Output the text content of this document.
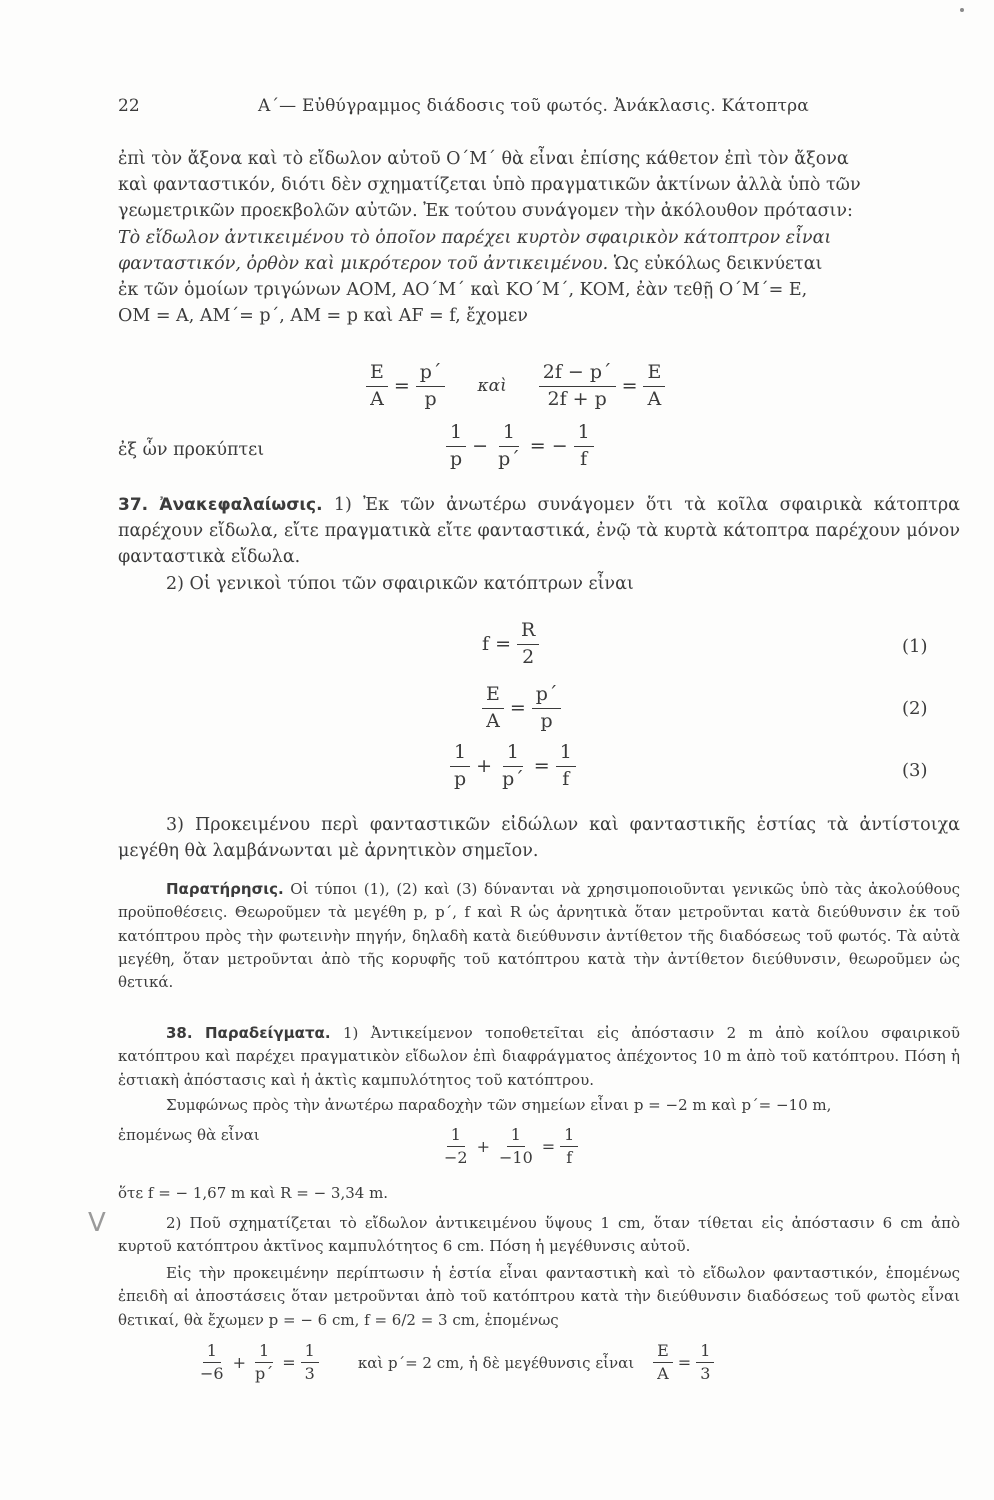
22	A΄— Εὐθύγραμμος διάδοσις τοῦ φωτός. Ἀνάκλασις. Κάτοπτρα
ἐπὶ τὸν ἄξονα καὶ τὸ εἴδωλον αὐτοῦ O΄M΄ θὰ εἶναι ἐπίσης κάθετον ἐπὶ τὸν ἄξονα
καὶ φανταστικόν, διότι δὲν σχηματίζεται ὑπὸ πραγματικῶν ἀκτίνων ἀλλὰ ὑπὸ τῶν
γεωμετρικῶν προεκβολῶν αὐτῶν. Ἐκ τούτου συνάγομεν τὴν ἀκόλουθον πρότασιν:
Τὸ εἴδωλον ἀντικειμένου τὸ ὁποῖον παρέχει κυρτὸν σφαιρικὸν κάτοπτρον εἶναι
φανταστικόν, ὀρθὸν καὶ μικρότερον τοῦ ἀντικειμένου. Ὡς εὐκόλως δεικνύεται
ἐκ τῶν ὁμοίων τριγώνων ΑΟΜ, ΑΟ΄Μ΄ καὶ ΚΟ΄Μ΄, ΚΟΜ, ἐὰν τεθῇ O΄M΄= E,
OM = A, AM΄= p΄, AM = p καὶ AF = f, ἔχομεν
$\frac{E}{A} = \frac{p΄}{p}$ καὶ $\frac{2f - p΄}{2f + p} = \frac{E}{A}$
ἐξ ὧν προκύπτει	$\frac{1}{p} - \frac{1}{p΄}$ = − $\frac{1}{f}$
37. Ἀνακεφαλαίωσις. 1) Ἐκ τῶν ἀνωτέρω συνάγομεν ὅτι τὰ κοῖλα σφαιρικὰ κάτοπτρα παρέχουν εἴδωλα, εἴτε πραγματικὰ εἴτε φανταστικά, ἐνῷ τὰ κυρτὰ κάτοπτρα παρέχουν μόνον φανταστικὰ εἴδωλα.
2) Οἱ γενικοὶ τύποι τῶν σφαιρικῶν κατόπτρων εἶναι
$f = \frac{R}{2}$	(1)
$\frac{E}{A} = \frac{p΄}{p}$	(2)
$\frac{1}{p} + \frac{1}{p΄} = \frac{1}{f}$	(3)
3) Προκειμένου περὶ φανταστικῶν εἰδώλων καὶ φανταστικῆς ἑστίας τὰ ἀντίστοιχα μεγέθη θὰ λαμβάνωνται μὲ ἀρνητικὸν σημεῖον.
Παρατήρησις. Οἱ τύποι (1), (2) καὶ (3) δύνανται νὰ χρησιμοποιοῦνται γενικῶς ὑπὸ τὰς ἀκολούθους προϋποθέσεις. Θεωροῦμεν τὰ μεγέθη p, p΄, f καὶ R ὡς ἀρνητικὰ ὅταν μετροῦνται κατὰ διεύθυνσιν ἐκ τοῦ κατόπτρου πρὸς τὴν φωτεινὴν πηγήν, δηλαδὴ κατὰ διεύθυνσιν ἀντίθετον τῆς διαδόσεως τοῦ φωτός. Τὰ αὐτὰ μεγέθη, ὅταν μετροῦνται ἀπὸ τῆς κορυφῆς τοῦ κατόπτρου κατὰ τὴν ἀντίθετον διεύθυνσιν, θεωροῦμεν ὡς θετικά.
38. Παραδείγματα. 1) Ἀντικείμενον τοποθετεῖται εἰς ἀπόστασιν 2 m ἀπὸ κοίλου σφαιρικοῦ κατόπτρου καὶ παρέχει πραγματικὸν εἴδωλον ἐπὶ διαφράγματος ἀπέχοντος 10 m ἀπὸ τοῦ κατόπτρου. Πόση ἡ ἑστιακὴ ἀπόστασις καὶ ἡ ἀκτὶς καμπυλότητος τοῦ κατόπτρου.
Συμφώνως πρὸς τὴν ἀνωτέρω παραδοχὴν τῶν σημείων εἶναι p = −2 m καὶ p΄= −10 m,
ἑπομένως θὰ εἶναι	$\frac{1}{-2} + \frac{1}{-10} = \frac{1}{f}$
ὅτε f = − 1,67 m καὶ R = − 3,34 m.
V	2) Ποῦ σχηματίζεται τὸ εἴδωλον ἀντικειμένου ὕψους 1 cm, ὅταν τίθεται εἰς ἀπόστασιν 6 cm ἀπὸ κυρτοῦ κατόπτρου ἀκτῖνος καμπυλότητος 6 cm. Πόση ἡ μεγέθυνσις αὐτοῦ.
Εἰς τὴν προκειμένην περίπτωσιν ἡ ἑστία εἶναι φανταστικὴ καὶ τὸ εἴδωλον φανταστικόν, ἑπομένως ἐπειδὴ αἱ ἀποστάσεις ὅταν μετροῦνται ἀπὸ τοῦ κατόπτρου κατὰ τὴν διεύθυνσιν διαδόσεως τοῦ φωτὸς εἶναι θετικαί, θὰ ἔχωμεν p = − 6 cm, f = 6/2 = 3 cm, ἑπομένως
$\frac{1}{-6} + \frac{1}{p΄} = \frac{1}{3}$	καὶ p΄= 2 cm, ἡ δὲ μεγέθυνσις εἶναι $\frac{E}{A} = \frac{1}{3}$
